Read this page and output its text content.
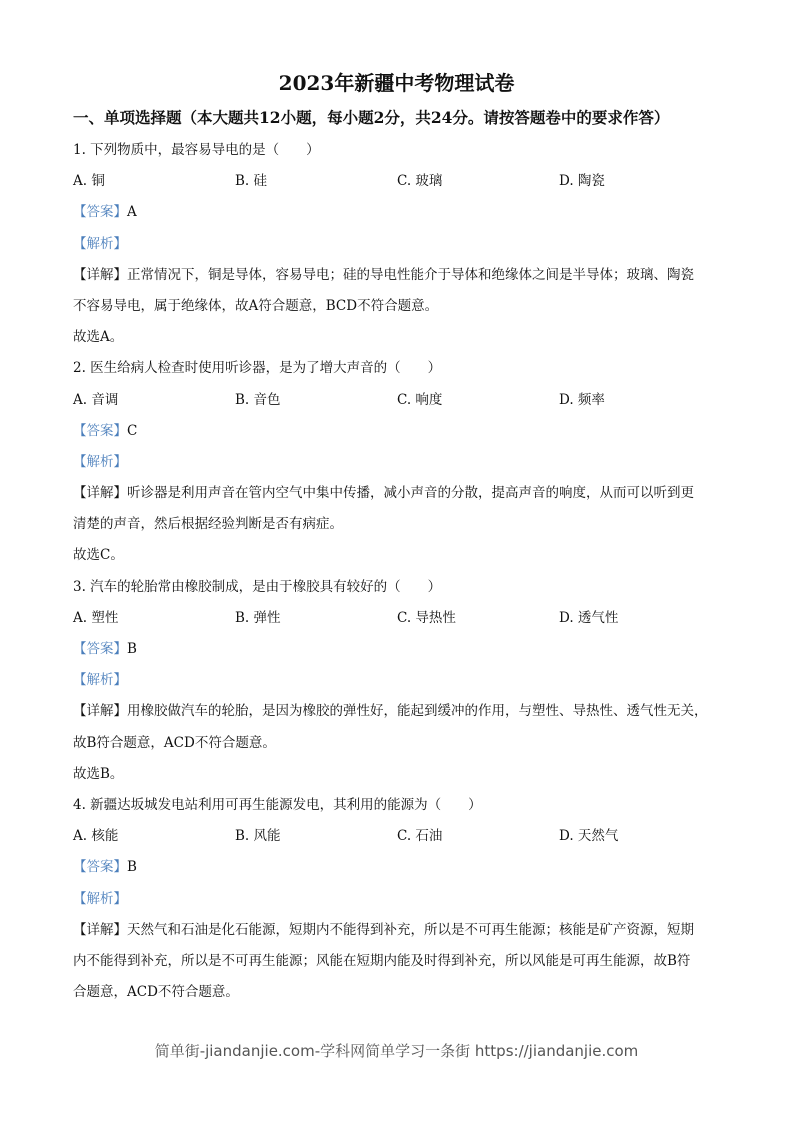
2023年新疆中考物理试卷
一、单项选择题（本大题共12小题，每小题2分，共24分。请按答题卷中的要求作答）
1. 下列物质中，最容易导电的是（　　）
A. 铜	B. 硅	C. 玻璃	D. 陶瓷
【答案】A
【解析】
【详解】正常情况下，铜是导体，容易导电；硅的导电性能介于导体和绝缘体之间是半导体；玻璃、陶瓷
不容易导电，属于绝缘体，故A符合题意，BCD不符合题意。
故选A。
2. 医生给病人检查时使用听诊器，是为了增大声音的（　　）
A. 音调	B. 音色	C. 响度	D. 频率
【答案】C
【解析】
【详解】听诊器是利用声音在管内空气中集中传播，减小声音的分散，提高声音的响度，从而可以听到更
清楚的声音，然后根据经验判断是否有病症。
故选C。
3. 汽车的轮胎常由橡胶制成，是由于橡胶具有较好的（　　）
A. 塑性	B. 弹性	C. 导热性	D. 透气性
【答案】B
【解析】
【详解】用橡胶做汽车的轮胎，是因为橡胶的弹性好，能起到缓冲的作用，与塑性、导热性、透气性无关，
故B符合题意，ACD不符合题意。
故选B。
4. 新疆达坂城发电站利用可再生能源发电，其利用的能源为（　　）
A. 核能	B. 风能	C. 石油	D. 天然气
【答案】B
【解析】
【详解】天然气和石油是化石能源，短期内不能得到补充，所以是不可再生能源；核能是矿产资源，短期
内不能得到补充，所以是不可再生能源；风能在短期内能及时得到补充，所以风能是可再生能源，故B符
合题意，ACD不符合题意。
简单街-jiandanjie.com-学科网简单学习一条街 https://jiandanjie.com
